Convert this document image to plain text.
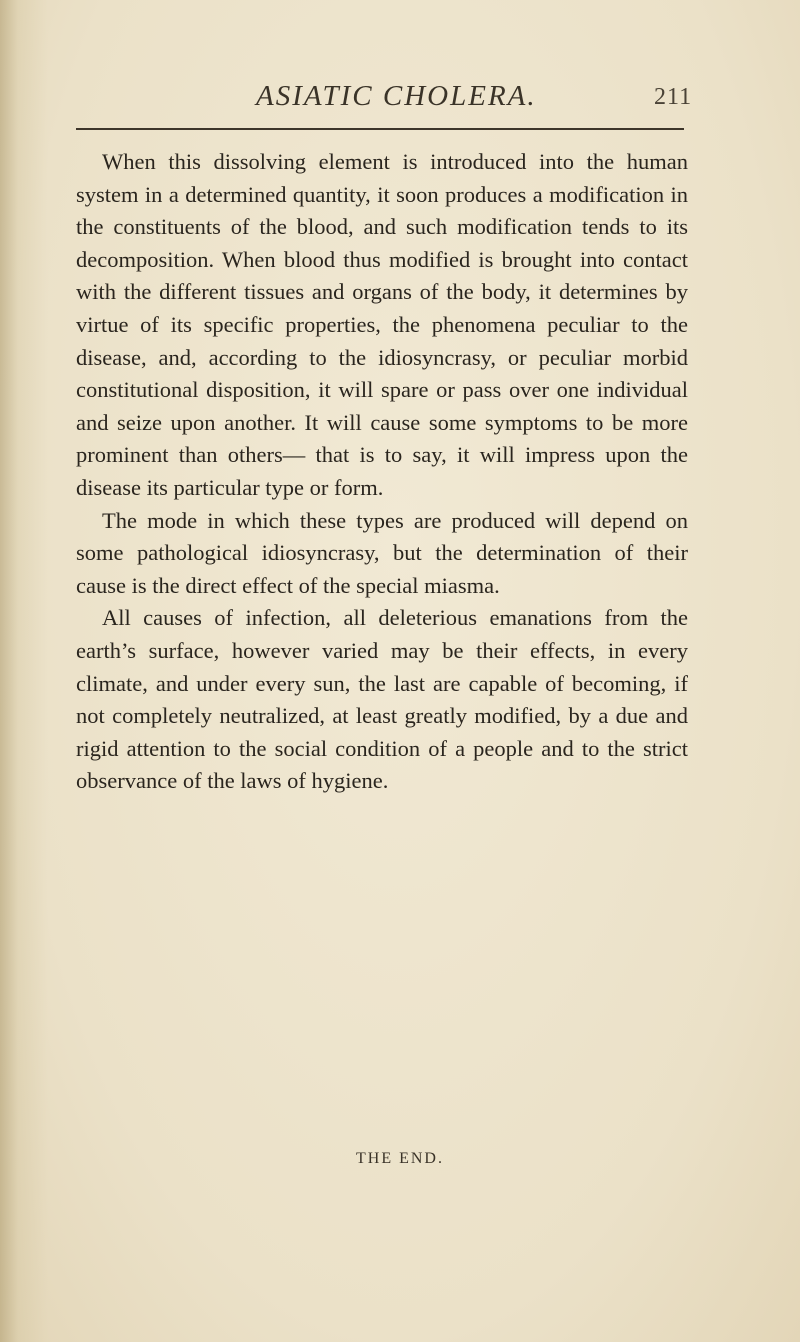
ASIATIC CHOLERA.	211

When this dissolving element is introduced into the human system in a determined quantity, it soon produces a modification in the constituents of the blood, and such modification tends to its decomposition. When blood thus modified is brought into contact with the different tissues and organs of the body, it determines by virtue of its specific properties, the phenomena peculiar to the disease, and, according to the idiosyncrasy, or peculiar morbid constitutional disposition, it will spare or pass over one individual and seize upon another. It will cause some symptoms to be more prominent than others— that is to say, it will impress upon the disease its particular type or form.

The mode in which these types are produced will depend on some pathological idiosyncrasy, but the determination of their cause is the direct effect of the special miasma.

All causes of infection, all deleterious emanations from the earth’s surface, however varied may be their effects, in every climate, and under every sun, the last are capable of becoming, if not completely neutralized, at least greatly modified, by a due and rigid attention to the social condition of a people and to the strict observance of the laws of hygiene.

THE END.
